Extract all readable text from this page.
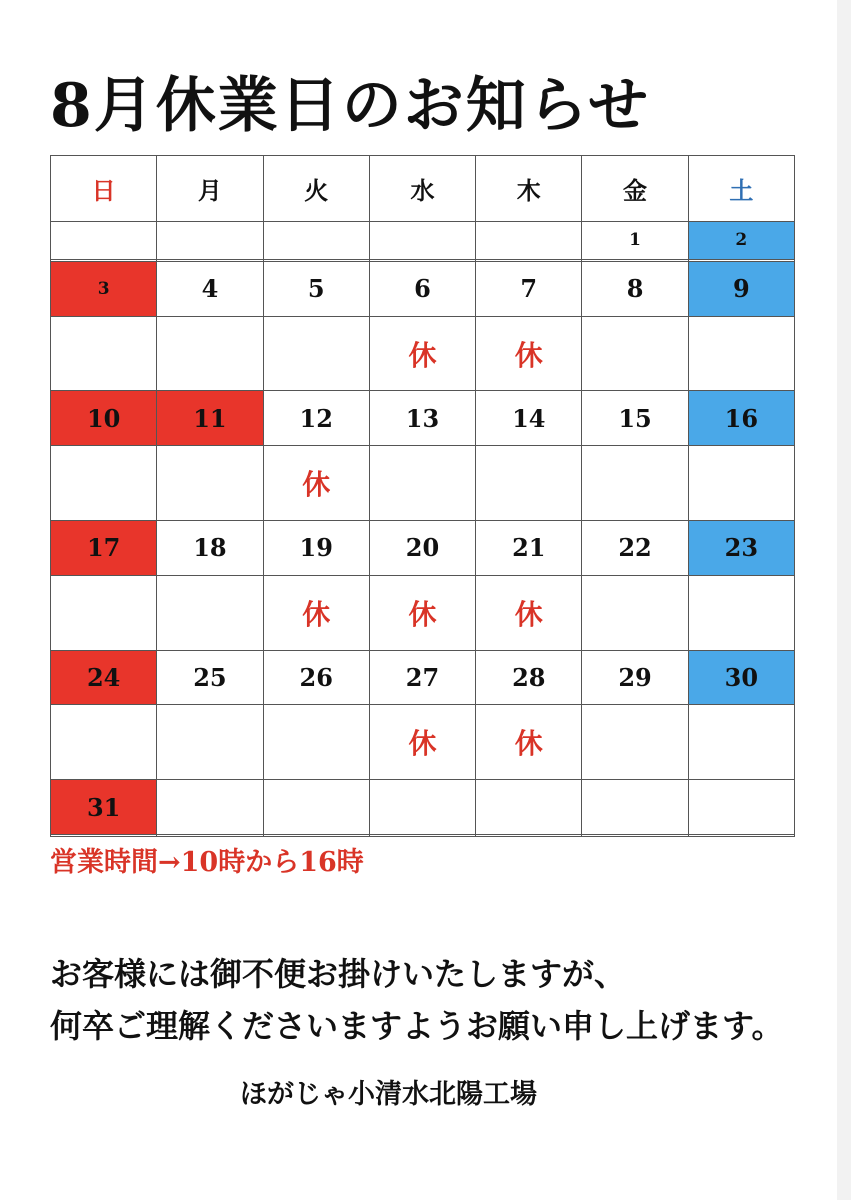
8月休業日のお知らせ
日	月	火	水	木	金	土
					1	2

3	4	5	6	7	8	9
			休	休		
10	11	12	13	14	15	16
		休				
17	18	19	20	21	22	23
		休	休	休		
24	25	26	27	28	29	30
			休	休		
31						

営業時間→10時から16時
お客様には御不便お掛けいたしますが、
何卒ご理解くださいますようお願い申し上げます。
ほがじゃ小清水北陽工場
